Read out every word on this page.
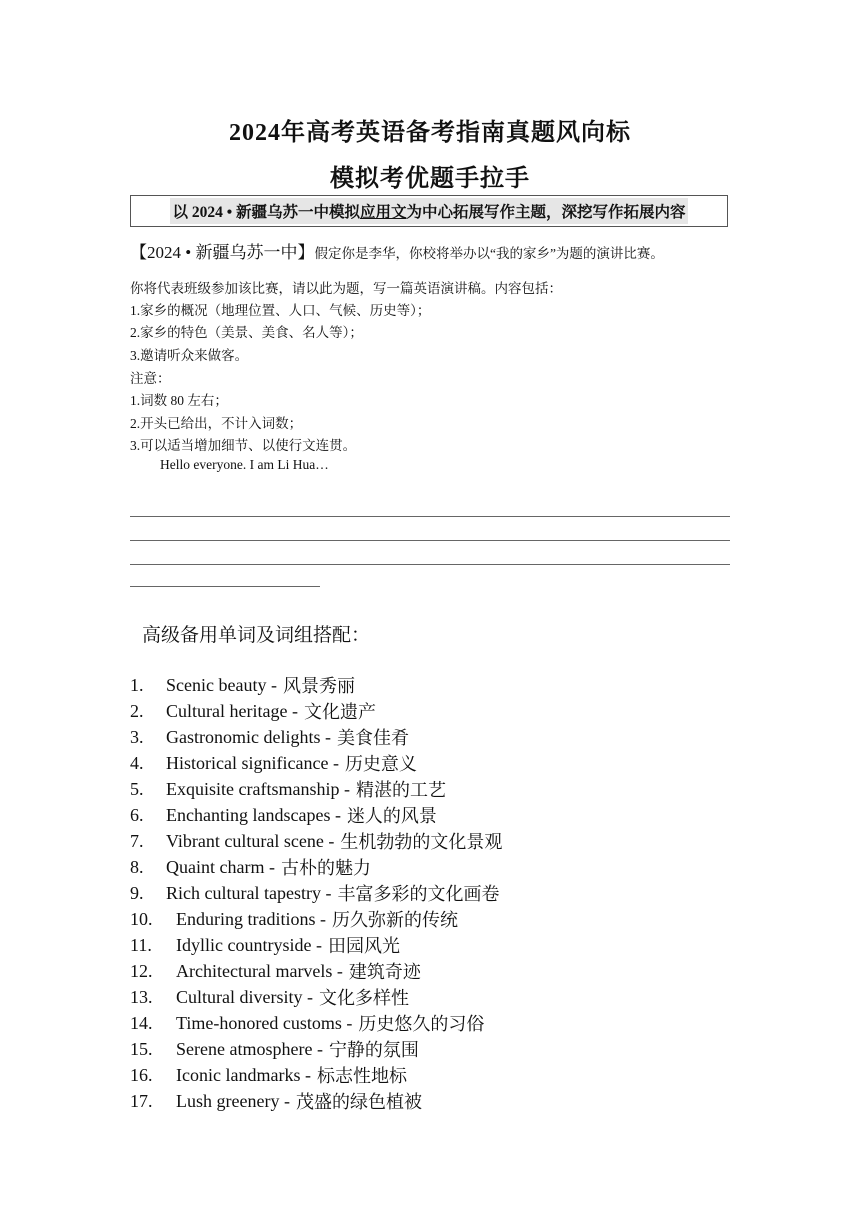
2024年高考英语备考指南真题风向标
模拟考优题手拉手
以 2024 • 新疆乌苏一中模拟应用文为中心拓展写作主题，深挖写作拓展内容
【2024 • 新疆乌苏一中】假定你是李华，你校将举办以“我的家乡”为题的演讲比赛。
你将代表班级参加该比赛，请以此为题，写一篇英语演讲稿。内容包括：
1.家乡的概况（地理位置、人口、气候、历史等）；
2.家乡的特色（美景、美食、名人等）；
3.邀请听众来做客。
注意：
1.词数 80 左右；
2.开头已给出，不计入词数；
3.可以适当增加细节、以使行文连贯。
Hello everyone. I am Li Hua…
高级备用单词及词组搭配：
1.	Scenic beauty - 风景秀丽
2.	Cultural heritage - 文化遗产
3.	Gastronomic delights - 美食佳肴
4.	Historical significance - 历史意义
5.	Exquisite craftsmanship - 精湛的工艺
6.	Enchanting landscapes - 迷人的风景
7.	Vibrant cultural scene - 生机勃勃的文化景观
8.	Quaint charm - 古朴的魅力
9.	Rich cultural tapestry - 丰富多彩的文化画卷
10.	Enduring traditions - 历久弥新的传统
11.	Idyllic countryside - 田园风光
12.	Architectural marvels - 建筑奇迹
13.	Cultural diversity - 文化多样性
14.	Time-honored customs - 历史悠久的习俗
15.	Serene atmosphere - 宁静的氛围
16.	Iconic landmarks - 标志性地标
17.	Lush greenery - 茂盛的绿色植被
